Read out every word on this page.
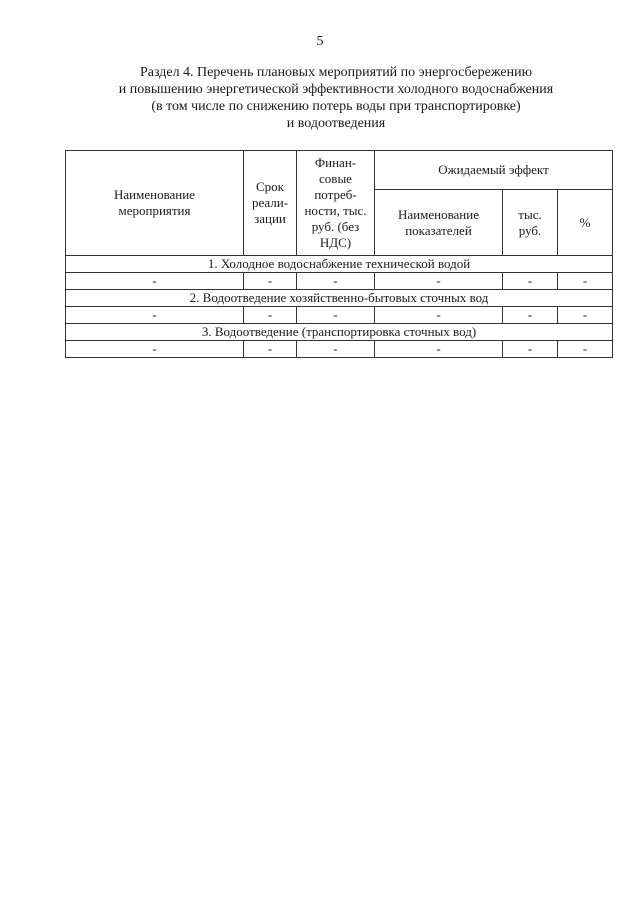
5
Раздел 4. Перечень плановых мероприятий по энергосбережению
и повышению энергетической эффективности холодного водоснабжения
(в том числе по снижению потерь воды при транспортировке)
и водоотведения
Наименование мероприятия	Срок реали-зации	Финан-совые потреб-ности, тыс. руб. (без НДС)	Ожидаемый эффект		
			Наименование показателей	тыс. руб.	%
1. Холодное водоснабжение технической водой					
-	-	-	-	-	-
2. Водоотведение хозяйственно-бытовых сточных вод					
-	-	-	-	-	-
3. Водоотведение (транспортировка сточных вод)					
-	-	-	-	-	-
